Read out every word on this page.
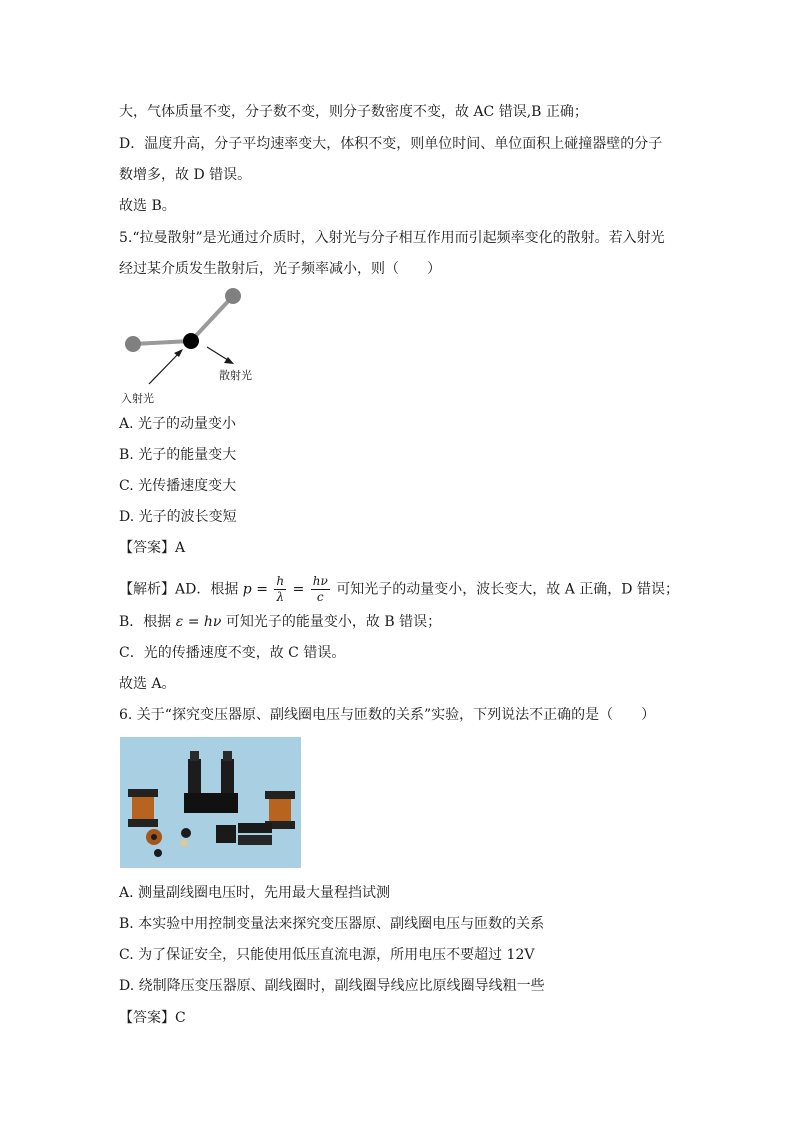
大，气体质量不变，分子数不变，则分子数密度不变，故 AC 错误,B 正确；
D．温度升高，分子平均速率变大，体积不变，则单位时间、单位面积上碰撞器壁的分子
数增多，故 D 错误。
故选 B。
5.“拉曼散射”是光通过介质时，入射光与分子相互作用而引起频率变化的散射。若入射光
经过某介质发生散射后，光子频率减小，则（　　）
入射光
散射光
A. 光子的动量变小
B. 光子的能量变大
C. 光传播速度变大
D. 光子的波长变短
【答案】A
【解析】AD．根据 $p = \frac{h}{\lambda} = \frac{h\nu}{c}$ 可知光子的动量变小，波长变大，故 A 正确，D 错误；
B．根据 ε = hν 可知光子的能量变小，故 B 错误；
C．光的传播速度不变，故 C 错误。
故选 A。
6. 关于“探究变压器原、副线圈电压与匝数的关系”实验，下列说法不正确的是（　　）
A. 测量副线圈电压时，先用最大量程挡试测
B. 本实验中用控制变量法来探究变压器原、副线圈电压与匝数的关系
C. 为了保证安全，只能使用低压直流电源，所用电压不要超过 12V
D. 绕制降压变压器原、副线圈时，副线圈导线应比原线圈导线粗一些
【答案】C
